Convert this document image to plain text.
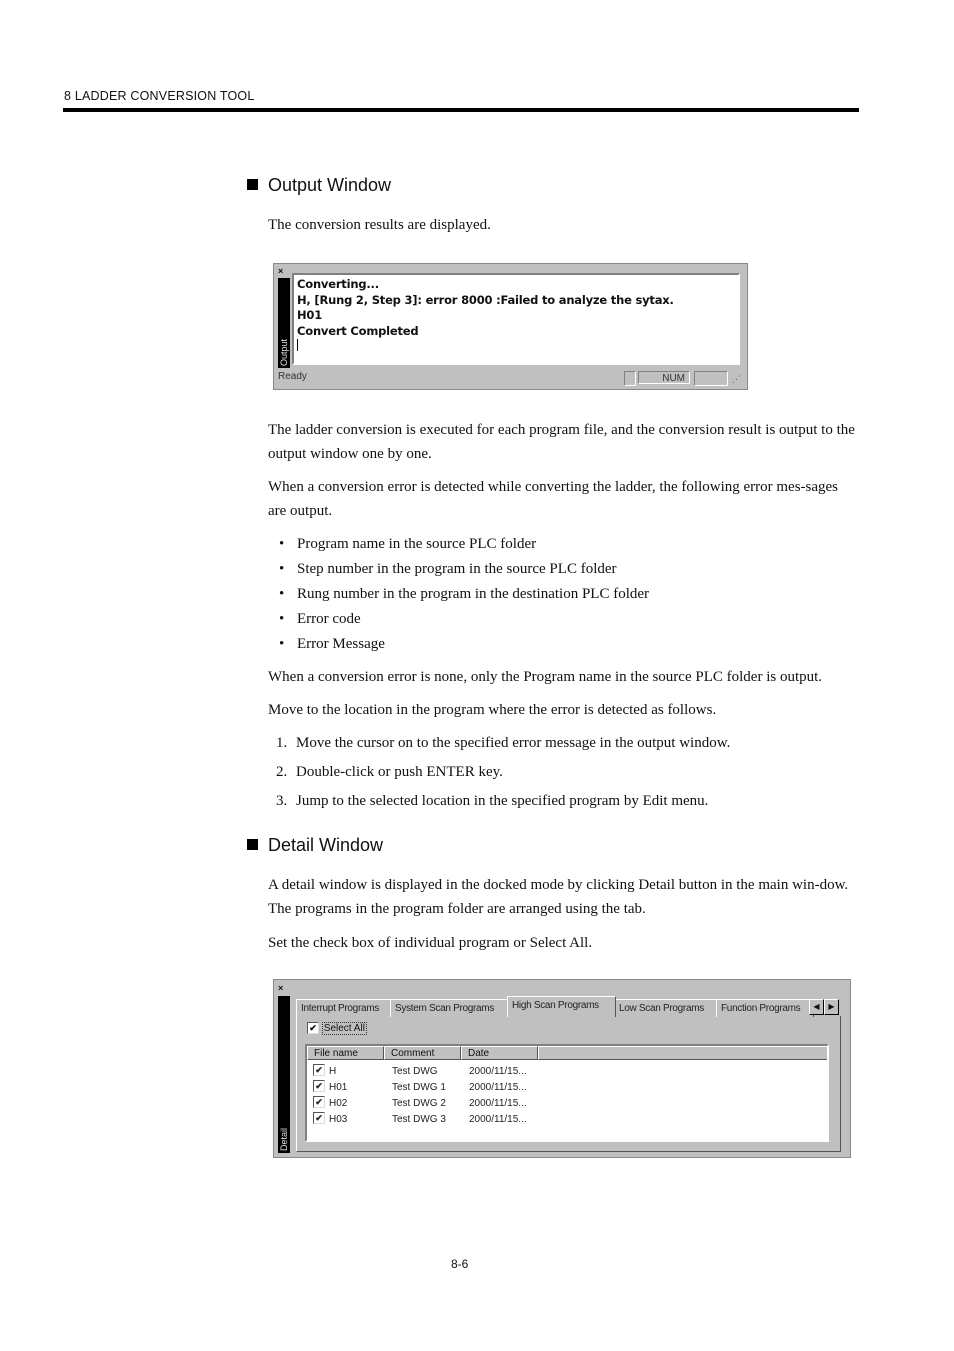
8 LADDER CONVERSION TOOL
Output Window
The conversion results are displayed.
×
Output
Converting...
H, [Rung 2, Step 3]: error 8000 :Failed to analyze the sytax.
H01
Convert Completed
Ready	NUM	⋰
The ladder conversion is executed for each program file, and the conversion result is output to the output window one by one.
When a conversion error is detected while converting the ladder, the following error mes-sages are output.
• Program name in the source PLC folder
• Step number in the program in the source PLC folder
• Rung number in the program in the destination PLC folder
• Error code
• Error Message
When a conversion error is none, only the Program name in the source PLC folder is output.
Move to the location in the program where the error is detected as follows.
1. Move the cursor on to the specified error message in the output window.
2. Double-click or push ENTER key.
3. Jump to the selected location in the specified program by Edit menu.
Detail Window
A detail window is displayed in the docked mode by clicking Detail button in the main win-dow. The programs in the program folder are arranged using the tab.
Set the check box of individual program or Select All.
×
Detail
Interrupt Programs	System Scan Programs	High Scan Programs	Low Scan Programs	Function Programs	◀	▶
✔ Select All
File name	Comment	Date
✔ H	Test DWG	2000/11/15...
✔ H01	Test DWG 1 2000/11/15...
✔ H02	Test DWG 2 2000/11/15...
✔ H03	Test DWG 3 2000/11/15...
8-6
